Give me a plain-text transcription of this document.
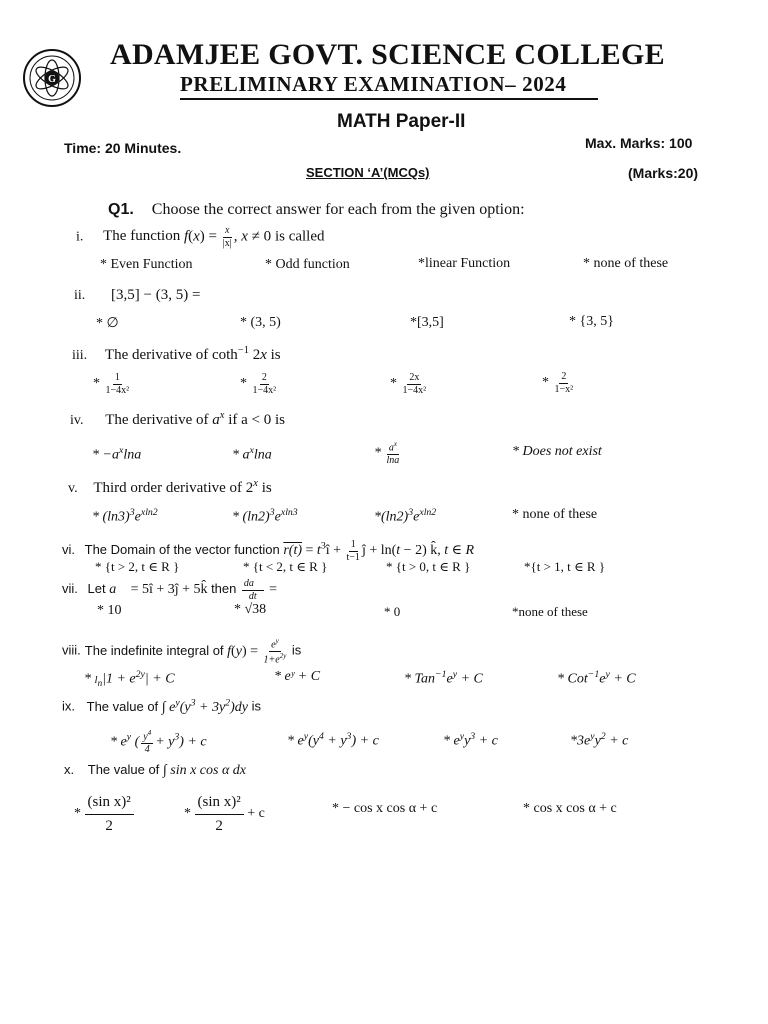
G
ADAMJEE GOVT. SCIENCE COLLEGE
PRELIMINARY EXAMINATION– 2024
MATH Paper-II
Time: 20 Minutes.	Max. Marks: 100
SECTION ‘A’(MCQs)	(Marks:20)
Q1. Choose the correct answer for each from the given option:
i. The function $f(x) = \frac{x}{|x|}$ , x ≠ 0 is called
* Even Function	* Odd function	*linear Function	* none of these
ii. [3,5] − (3, 5) =
* ∅	* (3, 5)	*[3,5]	* {3, 5}
iii. The derivative of coth$^{-1}$ 2x is
* $\frac{1}{\text{1−4x²}}$	* $\frac{2}{\text{1−4x²}}$	* $\frac{2x}{\text{1−4x²}}$	* $\frac{2}{\text{1−x²}}$
iv. The derivative of $a^x$ if a < 0 is
* $-a^x\ln a$	* $a^x\ln a$	* $\frac{a^x}{\ln a}$	* Does not exist
v. Third order derivative of 2$^x$ is
* $(\ln 3)^3e^{xln2}$	* $(\ln 2)^3e^{xln3}$	$*(\ln 2)^3e^{xln2}$	* none of these
vi. The Domain of the vector function $r(t) = t^3î + \frac{1}{t-1}$ ĵ + ln(t − 2) k̂, t ∈ R
* {t > 2, t ∈ R }	* {t < 2, t ∈ R }	* {t > 0, t ∈ R }	*{t > 1, t ∈ R }
vii. Let a⃗ = 5î + 3ĵ + 5k̂ then $\frac{da⃗}{dt}$ =
* 10	* √38	* 0	*none of these
viii. The indefinite integral of $f(y) = \frac{e^y}{1+e^{2y}}$ is
* $l_n|1 + e^{2y}| + C$	* eʸ + C	* $Tan^{-1}e^y + C$	* $Cot^{-1}e^y + C$
ix. The value of ∫ $e^y(y^3 + 3y^2)dy$ is
* $e^y$ ( $\frac{y^4}{4} + y^3) + c$	* $e^y(y^4 + y^3) + c$	* $e^yy^3 + c$	$*3e^yy^2 + c$
x. The value of ∫ sin x cos α dx
* $\frac{\text{(sin x)²}}{2}$	* $\frac{\text{(sin x)²}}{2} + c$	* − cos x cos α + c	* cos x cos α + c
